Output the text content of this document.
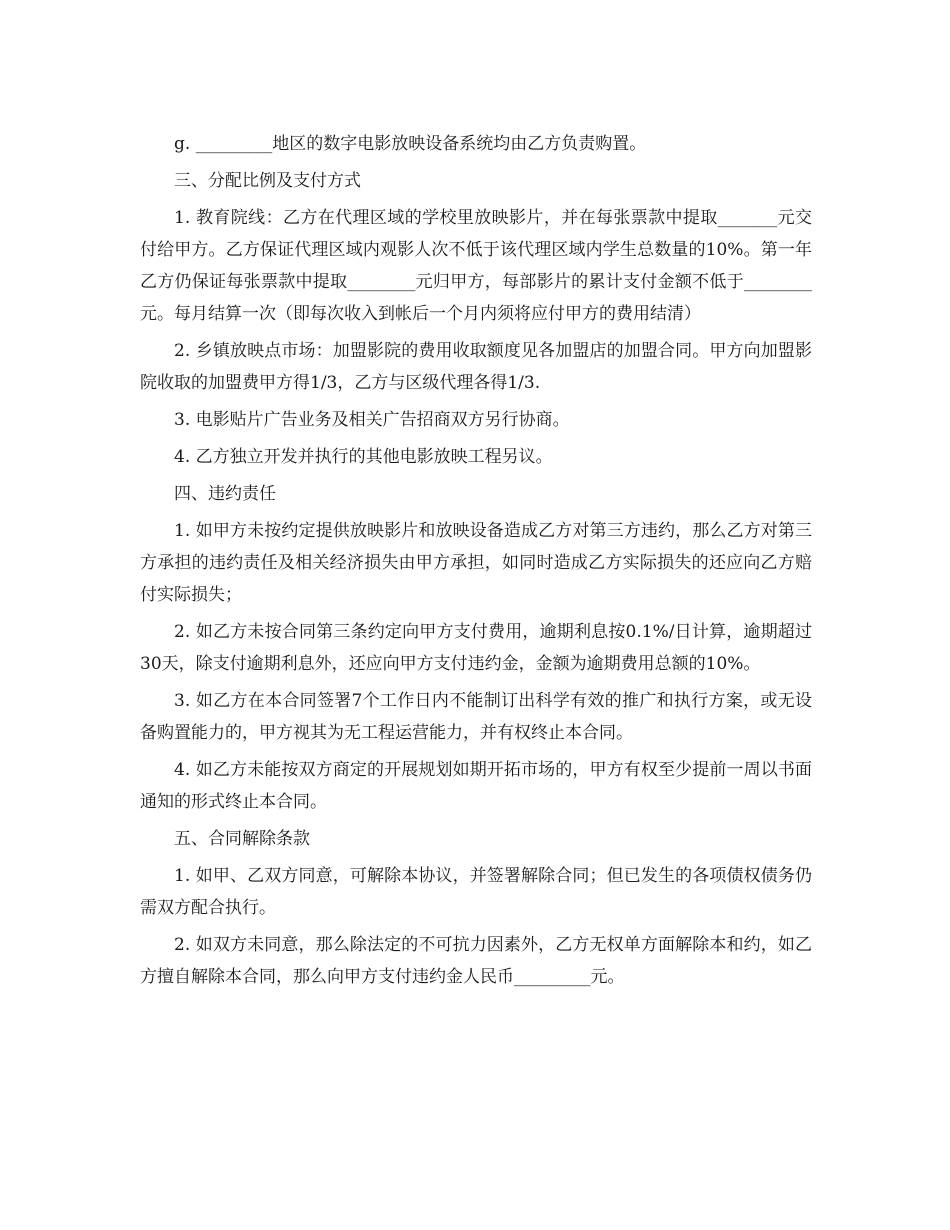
g. _________地区的数字电影放映设备系统均由乙方负责购置。

三、分配比例及支付方式

1. 教育院线：乙方在代理区域的学校里放映影片，并在每张票款中提取_______元交付给甲方。乙方保证代理区域内观影人次不低于该代理区域内学生总数量的10%。第一年乙方仍保证每张票款中提取________元归甲方，每部影片的累计支付金额不低于________元。每月结算一次（即每次收入到帐后一个月内须将应付甲方的费用结清）

2. 乡镇放映点市场：加盟影院的费用收取额度见各加盟店的加盟合同。甲方向加盟影院收取的加盟费甲方得1/3，乙方与区级代理各得1/3.

3. 电影贴片广告业务及相关广告招商双方另行协商。

4. 乙方独立开发并执行的其他电影放映工程另议。

四、违约责任

1. 如甲方未按约定提供放映影片和放映设备造成乙方对第三方违约，那么乙方对第三方承担的违约责任及相关经济损失由甲方承担，如同时造成乙方实际损失的还应向乙方赔付实际损失；

2. 如乙方未按合同第三条约定向甲方支付费用，逾期利息按0.1%/日计算，逾期超过30天，除支付逾期利息外，还应向甲方支付违约金，金额为逾期费用总额的10%。

3. 如乙方在本合同签署7个工作日内不能制订出科学有效的推广和执行方案，或无设备购置能力的，甲方视其为无工程运营能力，并有权终止本合同。

4. 如乙方未能按双方商定的开展规划如期开拓市场的，甲方有权至少提前一周以书面通知的形式终止本合同。

五、合同解除条款

1. 如甲、乙双方同意，可解除本协议，并签署解除合同；但已发生的各项债权债务仍需双方配合执行。

2. 如双方未同意，那么除法定的不可抗力因素外，乙方无权单方面解除本和约，如乙方擅自解除本合同，那么向甲方支付违约金人民币_________元。
